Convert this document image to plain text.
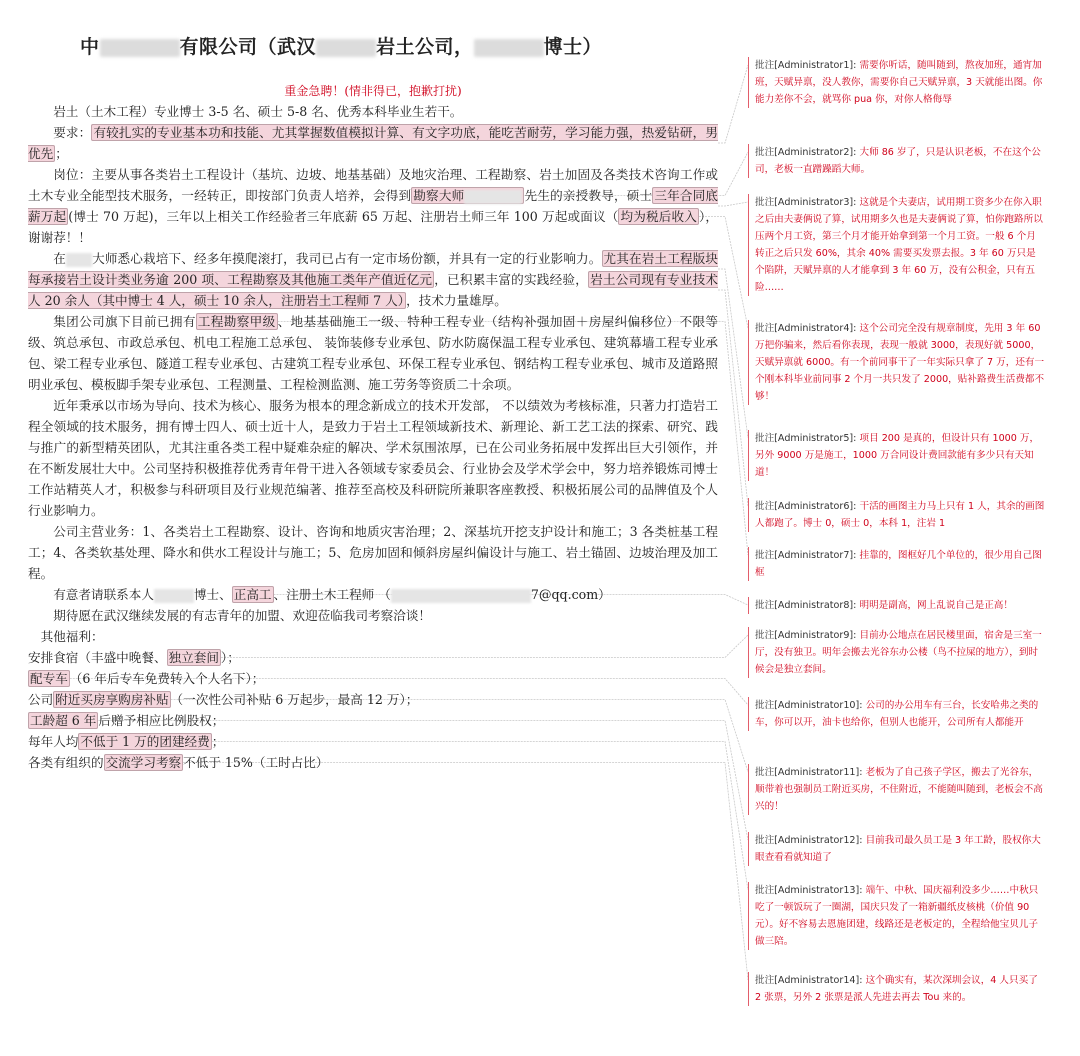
中	有限公司（武汉	岩土公司，	博士）
重金急聘！(情非得已，抱歉打扰)

岩土（土木工程）专业博士 3-5 名、硕士 5-8 名、优秀本科毕业生若干。

要求： 有较扎实的专业基本功和技能、尤其掌握数值模拟计算、有文字功底，能吃苦耐劳，学习能力强，热爱钻研，男优先 ；

岗位：主要从事各类岩土工程设计（基坑、边坡、地基基础）及地灾治理、工程勘察、岩土加固及各类技术咨询工作或土木专业全能型技术服务，一经转正，即按部门负责人培养，会得到 勘察大师	先生的亲授教导，硕士 三年合同底薪万起 (博士 70 万起)，三年以上相关工作经验者三年底薪 65 万起、注册岩土师三年 100 万起或面议（ 均为税后收入 ），谢谢荐！！

在 大师悉心栽培下、经多年摸爬滚打，我司已占有一定市场份额，并具有一定的行业影响力。 尤其在岩土工程版块每承接岩土设计类业务逾 200 项、工程勘察及其他施工类年产值近亿元 ，已积累丰富的实践经验， 岩土公司现有专业技术人 20 余人（其中博士 4 人，硕士 10 余人，注册岩土工程师 7 人） ，技术力量雄厚。

集团公司旗下目前已拥有 工程勘察甲级 、地基基础施工一级、特种工程专业（结构补强加固＋房屋纠偏移位）不限等级、筑总承包、市政总承包、机电工程施工总承包、 装饰装修专业承包、防水防腐保温工程专业承包、建筑幕墙工程专业承包、梁工程专业承包、隧道工程专业承包、古建筑工程专业承包、环保工程专业承包、钢结构工程专业承包、城市及道路照明业承包、模板脚手架专业承包、工程测量、工程检测监测、施工劳务等资质二十余项。

近年秉承以市场为导向、技术为核心、服务为根本的理念新成立的技术开发部， 不以绩效为考核标准，只著力打造岩工程全领域的技术服务，拥有博士四人、硕士近十人，是致力于岩土工程领域新技术、新理论、新工艺工法的探索、研究、践与推广的新型精英团队，尤其注重各类工程中疑难杂症的解决、学术氛围浓厚，已在公司业务拓展中发挥出巨大引领作，并在不断发展壮大中。公司坚持积极推荐优秀青年骨干进入各领域专家委员会、行业协会及学术学会中，努力培养锻炼司博士工作站精英人才，积极参与科研项目及行业规范编著、推荐至高校及科研院所兼职客座教授、积极拓展公司的品牌值及个人行业影响力。

公司主营业务：1、各类岩土工程勘察、设计、咨询和地质灾害治理；2、深基坑开挖支护设计和施工；3 各类桩基工程工；4、各类软基处理、降水和供水工程设计与施工；5、危房加固和倾斜房屋纠偏设计与施工、岩土锚固、边坡治理及加工程。

有意者请联系本人	博士、 正高工 、注册土木工程师 （	7@qq.com）

期待愿在武汉继续发展的有志青年的加盟、欢迎莅临我司考察洽谈！

其他福利：

安排食宿（丰盛中晚餐、 独立套间 ）；

配专车 （6 年后专车免费转入个人名下）；

公司 附近买房享购房补贴 （一次性公司补贴 6 万起步，最高 12 万）；

工龄超 6 年 后赠予相应比例股权；

每年人均 不低于 1 万的团建经费 ；

各类有组织的 交流学习考察 不低于 15%（工时占比）

批注[Administrator1]: 需要你听话，随叫随到，熬夜加班，通宵加班，天赋异禀，没人教你，需要你自己天赋异禀，3 天就能出图。你能力差你不会，就骂你 pua 你，对你人格侮辱
批注[Administrator2]: 大师 86 岁了，只是认识老板，不在这个公司，老板一直蹭躁蹈大师。
批注[Administrator3]: 这就是个夫妻店，试用期工资多少在你入职之后由夫妻俩说了算，试用期多久也是夫妻俩说了算，怕你跑路所以压两个月工资，第三个月才能开始拿到第一个月工资。一般 6 个月转正之后只发 60%，其余 40% 需要买发票去报。3 年 60 万只是个陷阱，天赋异禀的人才能拿到 3 年 60 万，没有公积金，只有五险……
批注[Administrator4]: 这个公司完全没有规章制度，先用 3 年 60 万把你骗来，然后看你表现，表现一般就 3000，表现好就 5000，天赋异禀就 6000。有一个前同事干了一年实际只拿了 7 万，还有一个刚本科毕业前同事 2 个月一共只发了 2000，贴补路费生活费都不够！
批注[Administrator5]: 项目 200 是真的，但设计只有 1000 万，另外 9000 万是施工，1000 万合同设计费回款能有多少只有天知道！
批注[Administrator6]: 干活的画图主力马上只有 1 人，其余的画图人都跑了。博士 0，硕士 0，本科 1，注岩 1
批注[Administrator7]: 挂靠的，图框好几个单位的，很少用自己图框
批注[Administrator8]: 明明是副高，网上乱说自己是正高！
批注[Administrator9]: 目前办公地点在居民楼里面，宿舍是三室一厅，没有独卫。明年会搬去光谷东办公楼（鸟不拉屎的地方），到时候会是独立套间。
批注[Administrator10]: 公司的办公用车有三台，长安哈弗之类的车，你可以开，油卡也给你，但别人也能开，公司所有人都能开
批注[Administrator11]: 老板为了自己孩子学区，搬去了光谷东，顺带着也强制员工附近买房，不住附近，不能随叫随到，老板会不高兴的！
批注[Administrator12]: 目前我司最久员工是 3 年工龄，股权你大眼查看看就知道了
批注[Administrator13]: 端午、中秋、国庆福利没多少……中秋只吃了一顿饭玩了一圈湖，国庆只发了一箱新疆纸皮核桃（价值 90 元）。好不容易去恩施团建，线路还是老板定的，全程给他宝贝儿子做三陪。
批注[Administrator14]: 这个确实有，某次深圳会议，4 人只买了 2 张票，另外 2 张票是派人先进去再去 Tou 来的。
